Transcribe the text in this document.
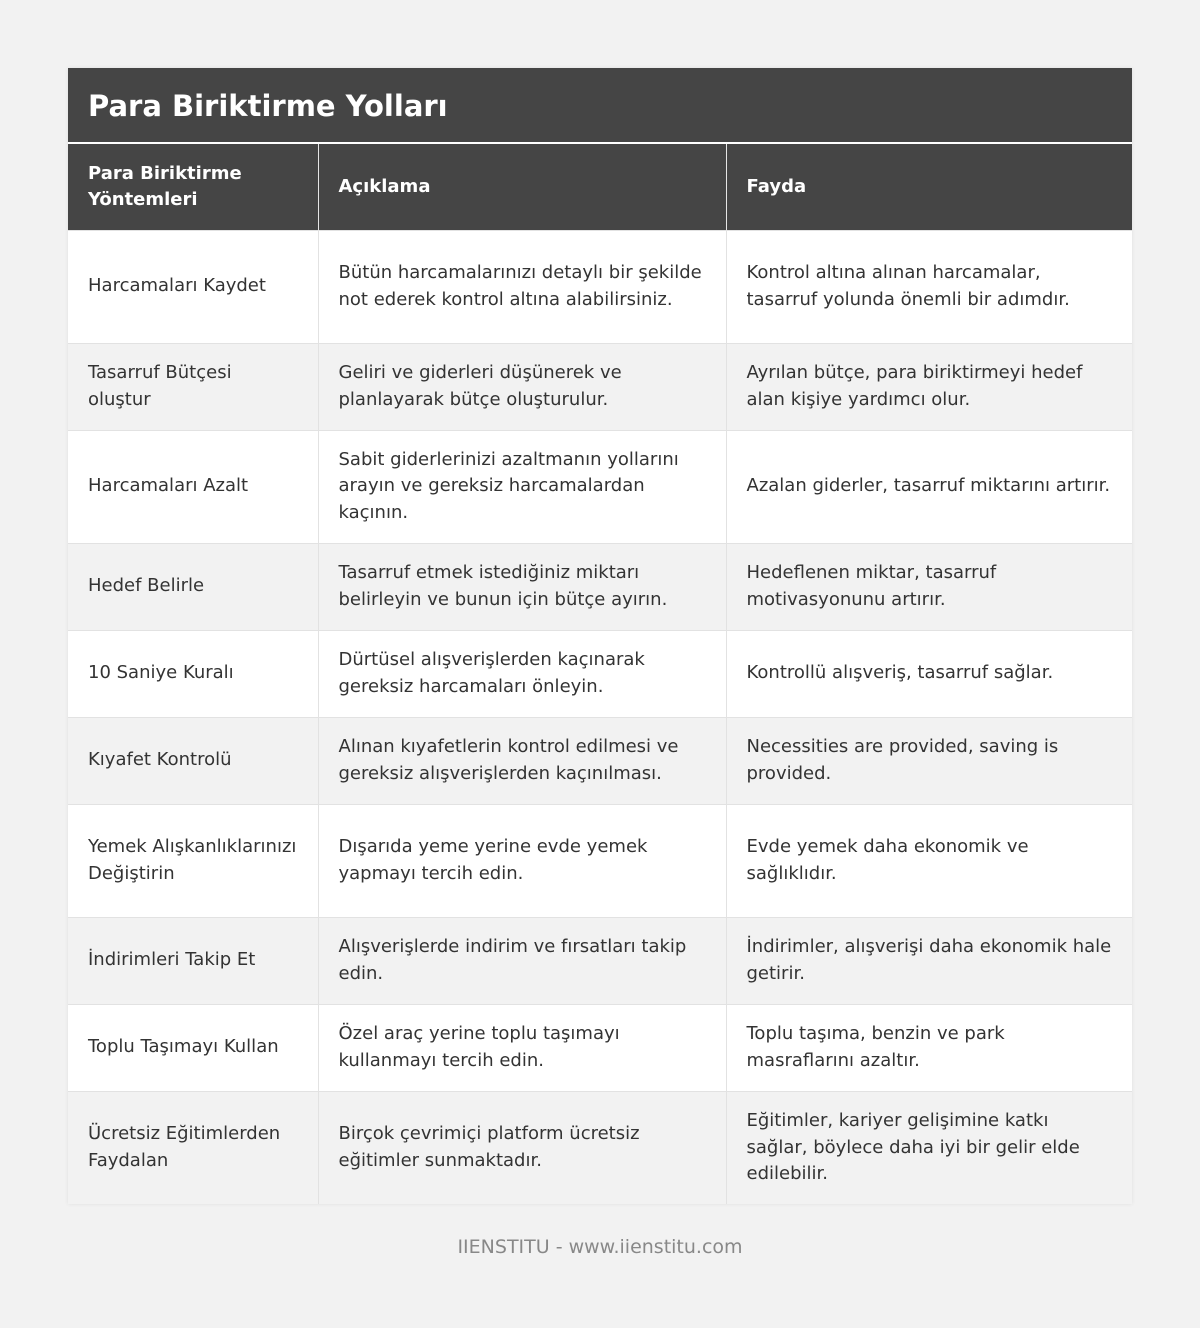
Para Biriktirme Yolları
Para Biriktirme Yöntemleri	Açıklama	Fayda
Harcamaları Kaydet	Bütün harcamalarınızı detaylı bir şekilde not ederek kontrol altına alabilirsiniz.	Kontrol altına alınan harcamalar, tasarruf yolunda önemli bir adımdır.
Tasarruf Bütçesi oluştur	Geliri ve giderleri düşünerek ve planlayarak bütçe oluşturulur.	Ayrılan bütçe, para biriktirmeyi hedef alan kişiye yardımcı olur.
Harcamaları Azalt	Sabit giderlerinizi azaltmanın yollarını arayın ve gereksiz harcamalardan kaçının.	Azalan giderler, tasarruf miktarını artırır.
Hedef Belirle	Tasarruf etmek istediğiniz miktarı belirleyin ve bunun için bütçe ayırın.	Hedeflenen miktar, tasarruf motivasyonunu artırır.
10 Saniye Kuralı	Dürtüsel alışverişlerden kaçınarak gereksiz harcamaları önleyin.	Kontrollü alışveriş, tasarruf sağlar.
Kıyafet Kontrolü	Alınan kıyafetlerin kontrol edilmesi ve gereksiz alışverişlerden kaçınılması.	Necessities are provided, saving is provided.
Yemek Alışkanlıklarınızı Değiştirin	Dışarıda yeme yerine evde yemek yapmayı tercih edin.	Evde yemek daha ekonomik ve sağlıklıdır.
İndirimleri Takip Et	Alışverişlerde indirim ve fırsatları takip edin.	İndirimler, alışverişi daha ekonomik hale getirir.
Toplu Taşımayı Kullan	Özel araç yerine toplu taşımayı kullanmayı tercih edin.	Toplu taşıma, benzin ve park masraflarını azaltır.
Ücretsiz Eğitimlerden Faydalan	Birçok çevrimiçi platform ücretsiz eğitimler sunmaktadır.	Eğitimler, kariyer gelişimine katkı sağlar, böylece daha iyi bir gelir elde edilebilir.
IIENSTITU - www.iienstitu.com
